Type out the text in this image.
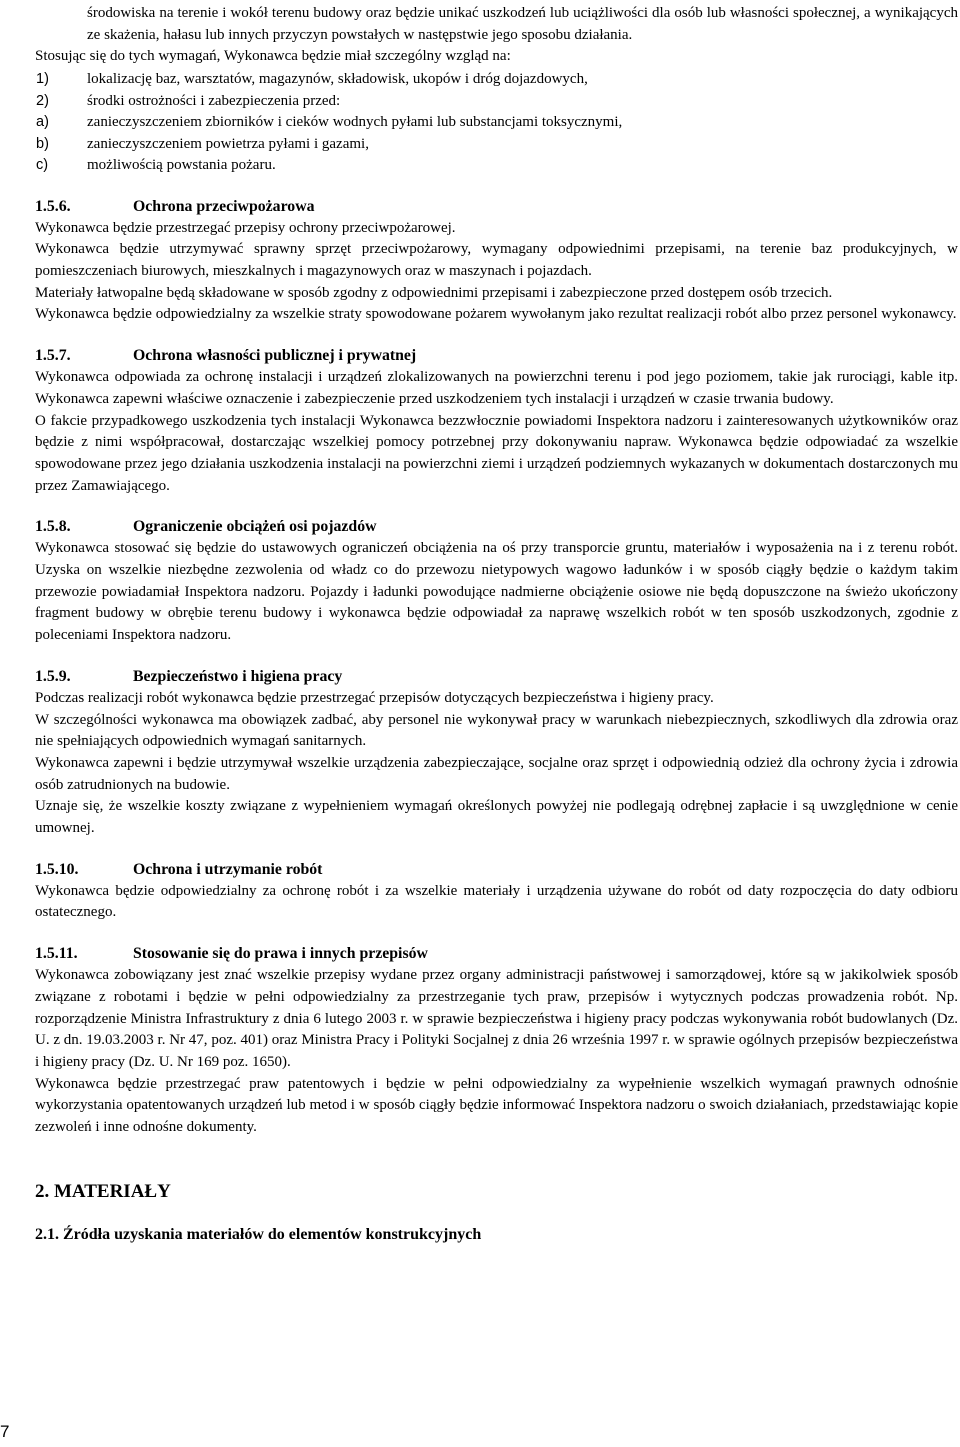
środowiska na terenie i wokół terenu budowy oraz będzie unikać uszkodzeń lub uciążliwości dla osób lub własności społecznej, a wynikających ze skażenia, hałasu lub innych przyczyn powstałych w następstwie jego sposobu działania.

Stosując się do tych wymagań, Wykonawca będzie miał szczególny wzgląd na:

1)	lokalizację baz, warsztatów, magazynów, składowisk, ukopów i dróg dojazdowych,
2)	środki ostrożności i zabezpieczenia przed:
a)	zanieczyszczeniem zbiorników i cieków wodnych pyłami lub substancjami toksycznymi,
b)	zanieczyszczeniem powietrza pyłami i gazami,
c)	możliwością powstania pożaru.
1.5.6.	Ochrona przeciwpożarowa

Wykonawca będzie przestrzegać przepisy ochrony przeciwpożarowej.

Wykonawca będzie utrzymywać sprawny sprzęt przeciwpożarowy, wymagany odpowiednimi przepisami, na terenie baz produkcyjnych, w pomieszczeniach biurowych, mieszkalnych i magazynowych oraz w maszynach i pojazdach.

Materiały łatwopalne będą składowane w sposób zgodny z odpowiednimi przepisami i zabezpieczone przed dostępem osób trzecich.

Wykonawca będzie odpowiedzialny za wszelkie straty spowodowane pożarem wywołanym jako rezultat realizacji robót albo przez personel wykonawcy.

1.5.7.	Ochrona własności publicznej i prywatnej

Wykonawca odpowiada za ochronę instalacji i urządzeń zlokalizowanych na powierzchni terenu i pod jego poziomem, takie jak rurociągi, kable itp. Wykonawca zapewni właściwe oznaczenie i zabezpieczenie przed uszkodzeniem tych instalacji i urządzeń w czasie trwania budowy.

O fakcie przypadkowego uszkodzenia tych instalacji Wykonawca bezzwłocznie powiadomi Inspektora nadzoru i zainteresowanych użytkowników oraz będzie z nimi współpracował, dostarczając wszelkiej pomocy potrzebnej przy dokonywaniu napraw. Wykonawca będzie odpowiadać za wszelkie spowodowane przez jego działania uszkodzenia instalacji na powierzchni ziemi i urządzeń podziemnych wykazanych w dokumentach dostarczonych mu przez Zamawiającego.

1.5.8.	Ograniczenie obciążeń osi pojazdów

Wykonawca stosować się będzie do ustawowych ograniczeń obciążenia na oś przy transporcie gruntu, materiałów i wyposażenia na i z terenu robót. Uzyska on wszelkie niezbędne zezwolenia od władz co do przewozu nietypowych wagowo ładunków i w sposób ciągły będzie o każdym takim przewozie powiadamiał Inspektora nadzoru. Pojazdy i ładunki powodujące nadmierne obciążenie osiowe nie będą dopuszczone na świeżo ukończony fragment budowy w obrębie terenu budowy i wykonawca będzie odpowiadał za naprawę wszelkich robót w ten sposób uszkodzonych, zgodnie z poleceniami Inspektora nadzoru.

1.5.9.	Bezpieczeństwo i higiena pracy

Podczas realizacji robót wykonawca będzie przestrzegać przepisów dotyczących bezpieczeństwa i higieny pracy.

W szczególności wykonawca ma obowiązek zadbać, aby personel nie wykonywał pracy w warunkach niebezpiecznych, szkodliwych dla zdrowia oraz nie spełniających odpowiednich wymagań sanitarnych.

Wykonawca zapewni i będzie utrzymywał wszelkie urządzenia zabezpieczające, socjalne oraz sprzęt i odpowiednią odzież dla ochrony życia i zdrowia osób zatrudnionych na budowie.

Uznaje się, że wszelkie koszty związane z wypełnieniem wymagań określonych powyżej nie podlegają odrębnej zapłacie i są uwzględnione w cenie umownej.

1.5.10.	Ochrona i utrzymanie robót

Wykonawca będzie odpowiedzialny za ochronę robót i za wszelkie materiały i urządzenia używane do robót od daty rozpoczęcia do daty odbioru ostatecznego.

1.5.11.	Stosowanie się do prawa i innych przepisów

Wykonawca zobowiązany jest znać wszelkie przepisy wydane przez organy administracji państwowej i samorządowej, które są w jakikolwiek sposób związane z robotami i będzie w pełni odpowiedzialny za przestrzeganie tych praw, przepisów i wytycznych podczas prowadzenia robót. Np. rozporządzenie Ministra Infrastruktury z dnia 6 lutego 2003 r. w sprawie bezpieczeństwa i higieny pracy podczas wykonywania robót budowlanych (Dz. U. z dn. 19.03.2003 r. Nr 47, poz. 401) oraz Ministra Pracy i Polityki Socjalnej z dnia 26 września 1997 r. w sprawie ogólnych przepisów bezpieczeństwa i higieny pracy (Dz. U. Nr 169 poz. 1650).

Wykonawca będzie przestrzegać praw patentowych i będzie w pełni odpowiedzialny za wypełnienie wszelkich wymagań prawnych odnośnie wykorzystania opatentowanych urządzeń lub metod i w sposób ciągły będzie informować Inspektora nadzoru o swoich działaniach, przedstawiając kopie zezwoleń i inne odnośne dokumenty.

2. MATERIAŁY
2.1. Źródła uzyskania materiałów do elementów konstrukcyjnych
7
